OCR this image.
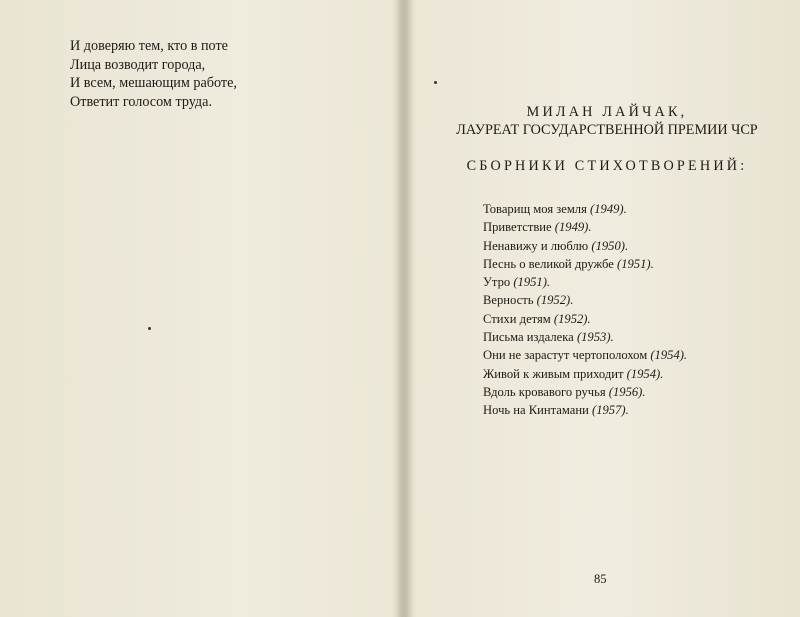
И доверяю тем, кто в поте
Лица возводит города,
И всем, мешающим работе,
Ответит голосом труда.
МИЛАН ЛАЙЧАК,
ЛАУРЕАТ ГОСУДАРСТВЕННОЙ ПРЕМИИ ЧСР
СБОРНИКИ СТИХОТВОРЕНИЙ:
Товарищ моя земля (1949).
Приветствие (1949).
Ненавижу и люблю (1950).
Песнь о великой дружбе (1951).
Утро (1951).
Верность (1952).
Стихи детям (1952).
Письма издалека (1953).
Они не зарастут чертополохом (1954).
Живой к живым приходит (1954).
Вдоль кровавого ручья (1956).
Ночь на Кинтамани (1957).
85
